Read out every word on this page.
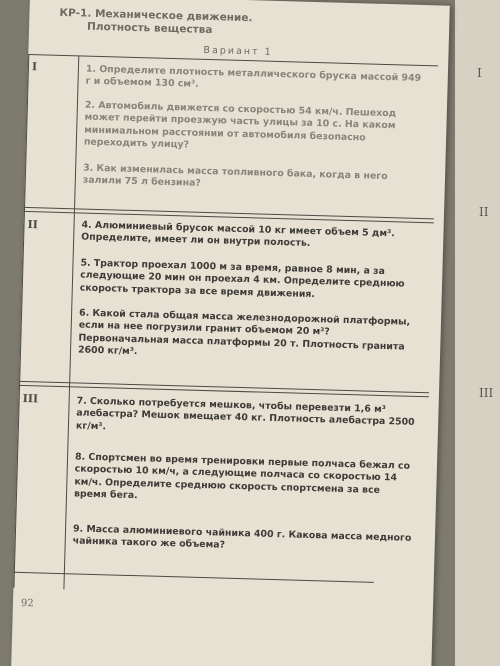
I
II
III
КР-1. Механическое движение.
Плотность вещества
Вариант 1
I	1. Определите плотность металлического бруска массой 949 г и объемом 130 см³.
2. Автомобиль движется со скоростью 54 км/ч. Пешеход может перейти проезжую часть улицы за 10 с. На каком минимальном расстоянии от автомобиля безопасно переходить улицу?
3. Как изменилась масса топливного бака, когда в него залили 75 л бензина?
II	4. Алюминиевый брусок массой 10 кг имеет объем 5 дм³. Определите, имеет ли он внутри полость.
5. Трактор проехал 1000 м за время, равное 8 мин, а за следующие 20 мин он проехал 4 км. Определите среднюю скорость трактора за все время движения.
6. Какой стала общая масса железнодорожной платформы, если на нее погрузили гранит объемом 20 м³? Первоначальная масса платформы 20 т. Плотность гранита 2600 кг/м³.
III	7. Сколько потребуется мешков, чтобы перевезти 1,6 м³ алебастра? Мешок вмещает 40 кг. Плотность алебастра 2500 кг/м³.
8. Спортсмен во время тренировки первые полчаса бежал со скоростью 10 км/ч, а следующие полчаса со скоростью 14 км/ч. Определите среднюю скорость спортсмена за все время бега.
9. Масса алюминиевого чайника 400 г. Какова масса медного чайника такого же объема?
92
